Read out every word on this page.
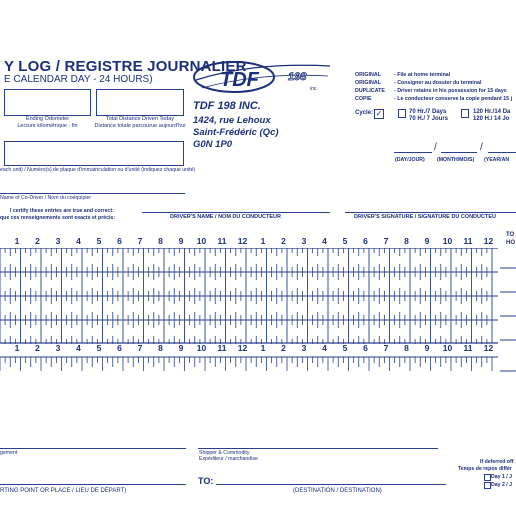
Y LOG / REGISTRE JOURNALIER
E CALENDAR DAY - 24 HOURS)
Ending Odometer
Lecture kilométrique - fin
Total Distance Driven Today
Distance totale parcourue aujourd'hui
each unit) / Numéro(s) de plaque d'immatriculation ou d'unité (indiquez chaque unité)
Name of Co-Driver / Nom du coéquipier
TDF	198
inc.
TDF 198 INC.
1424, rue Lehoux
Saint-Frédéric (Qc)
G0N 1P0
ORIGINAL - File at home terminal
ORIGINAL - Consigner au dossier du terminal
DUPLICATE - Driver retains in his possession for 15 days
COPIE	- Le conducteur conserve la copie pendant 15 j
Cycle: ✓	70 Hr./7 Days
70 H./ 7 Jours
120 Hr./14 Da
120 H./ 14 Jo
/	/
(DAY/JOUR) (MONTH/MOIS) (YEAR/AN
I certify these entries are true and correct:
que ces renseignements sont exacts et précis:	DRIVER'S NAME / NOM DU CONDUCTEUR	DRIVER'S SIGNATURE / SIGNATURE DU CONDUCTEU
TO
HO
1	2	3	4	5	6	7	8	9	10 11 12	1	2	3	4	5	6	7	8	9	10 11 12
1	2	3	4	5	6	7	8	9	10 11 12	1	2	3	4	5	6	7	8	9	10 11 12
gement	Shipper & Commodity
Expéditeur / marchandise	If deferred off
Temps de repos différ
Day 1 / J
Day 2 / J
RTING POINT OR PLACE / LIEU DE DÉPART)
TO:
(DESTINATION / DESTINATION)
